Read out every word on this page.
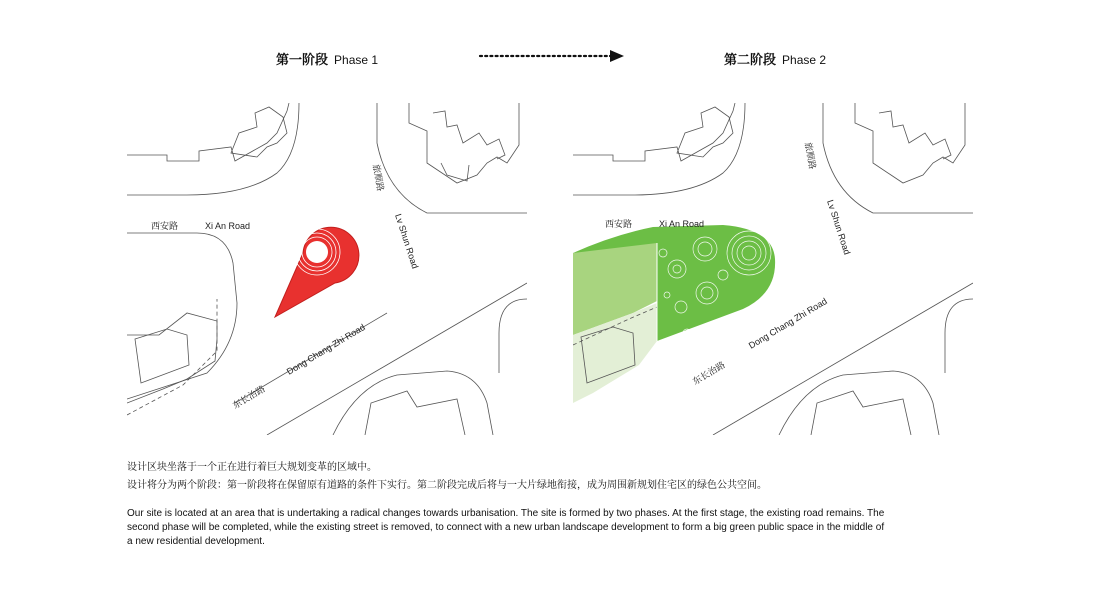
第一阶段 Phase 1	第二阶段 Phase 2
西安路	Xi An Road
旅顺路
Lv Shun Road
Dong Chang Zhi Road
东长治路
西安路	Xi An Road
旅顺路
Lv Shun Road
Dong Chang Zhi Road
东长治路
设计区块坐落于一个正在进行着巨大规划变革的区域中。
设计将分为两个阶段：第一阶段将在保留原有道路的条件下实行。第二阶段完成后将与一大片绿地衔接，成为周围新规划住宅区的绿色公共空间。
Our site is located at an area that is undertaking a radical changes towards urbanisation. The site is formed by two phases. At the first stage, the existing road remains. The
second phase will be completed, while the existing street is removed, to connect with a new urban landscape development to form a big green public space in the middle of
a new residential development.
